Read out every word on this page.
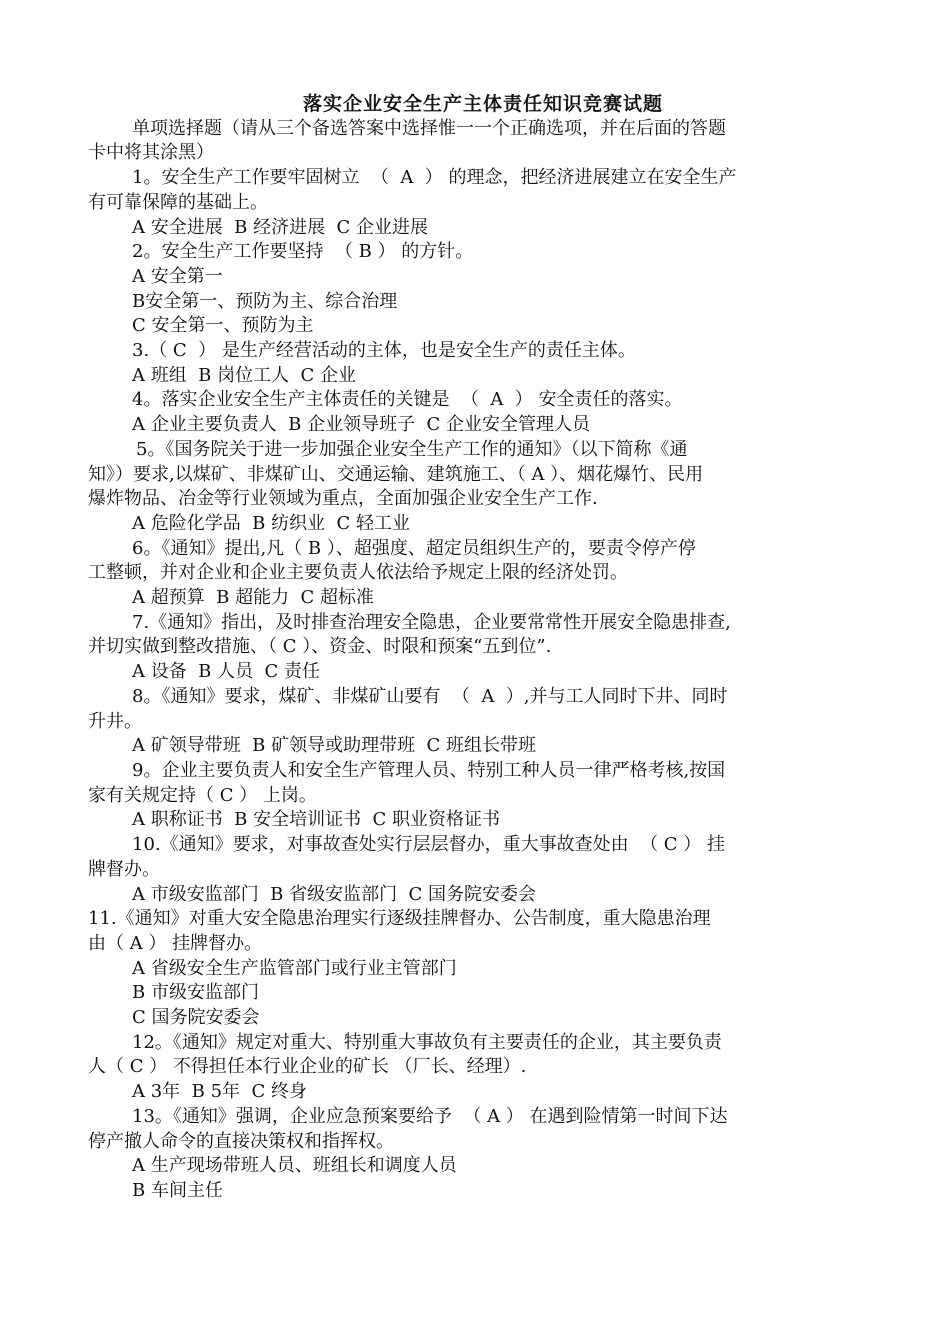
落实企业安全生产主体责任知识竞赛试题

单项选择题（请从三个备选答案中选择惟一一个正确选项，并在后面的答题

卡中将其涂黑）

1。安全生产工作要牢固树立  （  A  ） 的理念，把经济进展建立在安全生产

有可靠保障的基础上。

A 安全进展  B 经济进展  C 企业进展

2。安全生产工作要坚持  （ B ） 的方针。

A 安全第一

B安全第一、预防为主、综合治理

C 安全第一、预防为主

3.（ C  ） 是生产经营活动的主体，也是安全生产的责任主体。

A 班组  B 岗位工人  C 企业

4。落实企业安全生产主体责任的关键是  （  A  ） 安全责任的落实。

A 企业主要负责人  B 企业领导班子  C 企业安全管理人员

5。《国务院关于进一步加强企业安全生产工作的通知》（以下简称《通

知》）要求,以煤矿、非煤矿山、交通运输、建筑施工、（ A ）、烟花爆竹、民用

爆炸物品、冶金等行业领域为重点，全面加强企业安全生产工作.

A 危险化学品  B 纺织业  C 轻工业

6。《通知》提出,凡（ B ）、超强度、超定员组织生产的，要责令停产停

工整顿，并对企业和企业主要负责人依法给予规定上限的经济处罚。

A 超预算  B 超能力  C 超标准

7.《通知》指出，及时排查治理安全隐患，企业要常常性开展安全隐患排查,

并切实做到整改措施、（ C ）、资金、时限和预案“五到位”.

A 设备  B 人员  C 责任

8。《通知》要求，煤矿、非煤矿山要有  （  A  ）,并与工人同时下井、同时

升井。

A 矿领导带班  B 矿领导或助理带班  C 班组长带班

9。企业主要负责人和安全生产管理人员、特别工种人员一律严格考核,按国

家有关规定持（ C ） 上岗。

A 职称证书  B 安全培训证书  C 职业资格证书

10.《通知》要求，对事故查处实行层层督办，重大事故查处由  （ C ） 挂

牌督办。

A 市级安监部门  B 省级安监部门  C 国务院安委会

11.《通知》对重大安全隐患治理实行逐级挂牌督办、公告制度，重大隐患治理

由（ A ） 挂牌督办。

A 省级安全生产监管部门或行业主管部门

B 市级安监部门

C 国务院安委会

12。《通知》规定对重大、特别重大事故负有主要责任的企业，其主要负责

人（ C ） 不得担任本行业企业的矿长 （厂长、经理）.

A 3年  B 5年  C 终身

13。《通知》强调，企业应急预案要给予  （ A ） 在遇到险情第一时间下达

停产撤人命令的直接决策权和指挥权。

A 生产现场带班人员、班组长和调度人员

B 车间主任
